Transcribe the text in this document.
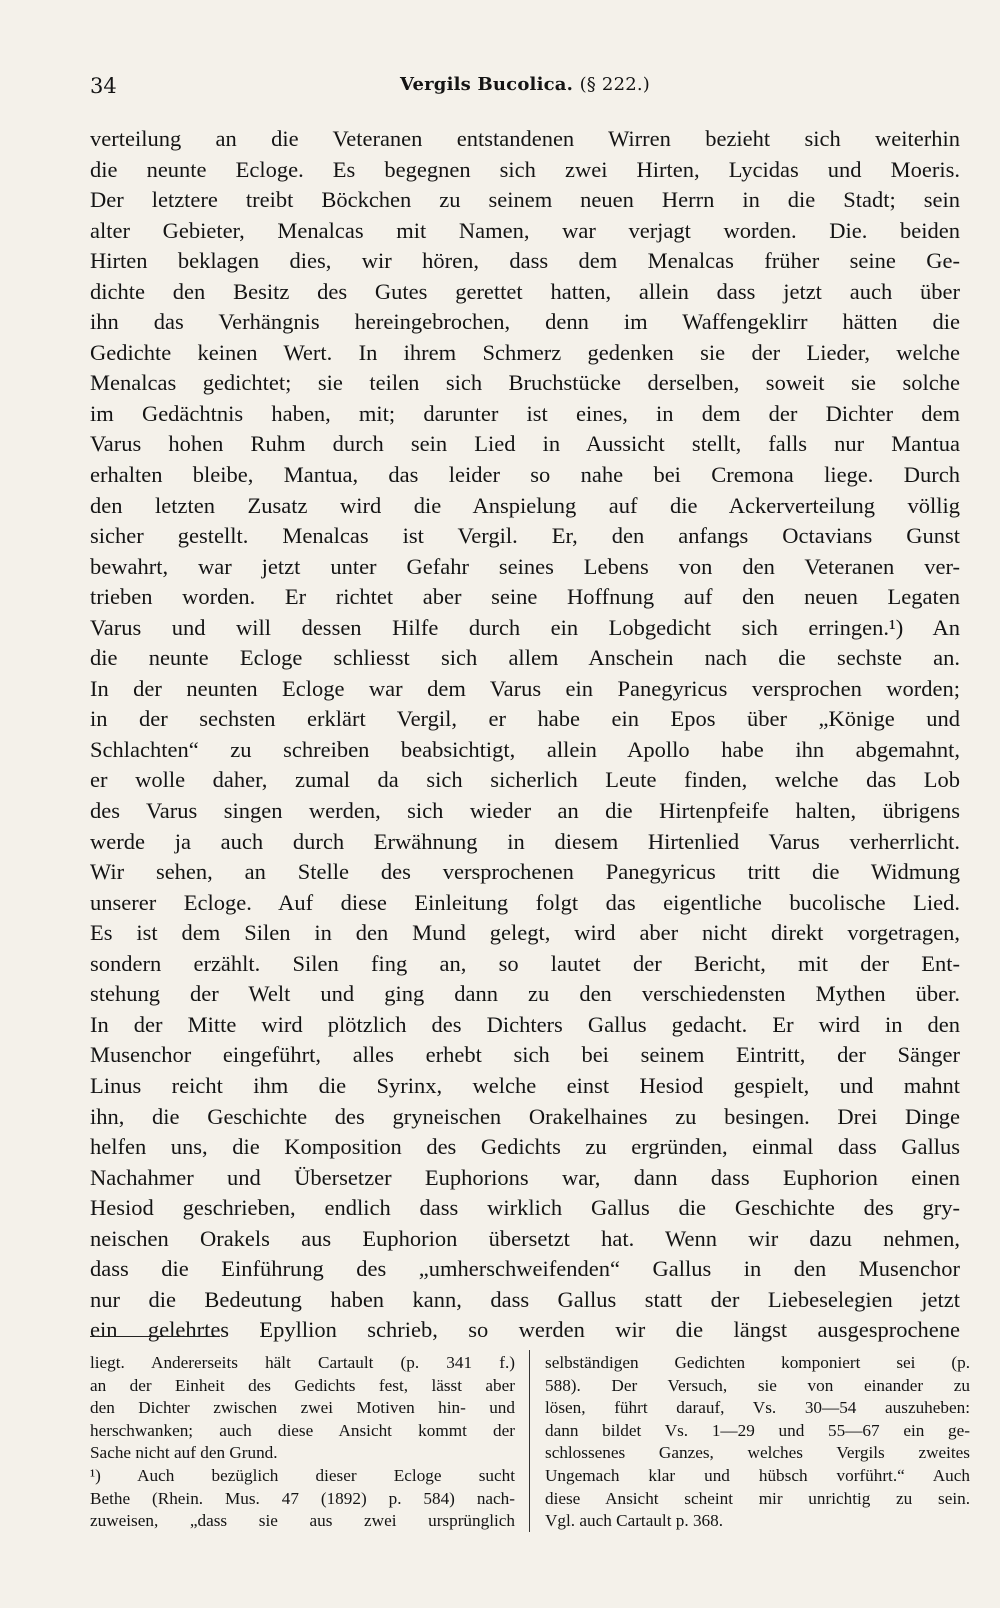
34	Vergils Bucolica. (§ 222.)
verteilung an die Veteranen entstandenen Wirren bezieht sich weiterhin
die neunte Ecloge. Es begegnen sich zwei Hirten, Lycidas und Moeris.
Der letztere treibt Böckchen zu seinem neuen Herrn in die Stadt; sein
alter Gebieter, Menalcas mit Namen, war verjagt worden. Die. beiden
Hirten beklagen dies, wir hören, dass dem Menalcas früher seine Ge-
dichte den Besitz des Gutes gerettet hatten, allein dass jetzt auch über
ihn das Verhängnis hereingebrochen, denn im Waffengeklirr hätten die
Gedichte keinen Wert. In ihrem Schmerz gedenken sie der Lieder, welche
Menalcas gedichtet; sie teilen sich Bruchstücke derselben, soweit sie solche
im Gedächtnis haben, mit; darunter ist eines, in dem der Dichter dem
Varus hohen Ruhm durch sein Lied in Aussicht stellt, falls nur Mantua
erhalten bleibe, Mantua, das leider so nahe bei Cremona liege. Durch
den letzten Zusatz wird die Anspielung auf die Ackerverteilung völlig
sicher gestellt. Menalcas ist Vergil. Er, den anfangs Octavians Gunst
bewahrt, war jetzt unter Gefahr seines Lebens von den Veteranen ver-
trieben worden. Er richtet aber seine Hoffnung auf den neuen Legaten
Varus und will dessen Hilfe durch ein Lobgedicht sich erringen.¹) An
die neunte Ecloge schliesst sich allem Anschein nach die sechste an.
In der neunten Ecloge war dem Varus ein Panegyricus versprochen worden;
in der sechsten erklärt Vergil, er habe ein Epos über „Könige und
Schlachten“ zu schreiben beabsichtigt, allein Apollo habe ihn abgemahnt,
er wolle daher, zumal da sich sicherlich Leute finden, welche das Lob
des Varus singen werden, sich wieder an die Hirtenpfeife halten, übrigens
werde ja auch durch Erwähnung in diesem Hirtenlied Varus verherrlicht.
Wir sehen, an Stelle des versprochenen Panegyricus tritt die Widmung
unserer Ecloge. Auf diese Einleitung folgt das eigentliche bucolische Lied.
Es ist dem Silen in den Mund gelegt, wird aber nicht direkt vorgetragen,
sondern erzählt. Silen fing an, so lautet der Bericht, mit der Ent-
stehung der Welt und ging dann zu den verschiedensten Mythen über.
In der Mitte wird plötzlich des Dichters Gallus gedacht. Er wird in den
Musenchor eingeführt, alles erhebt sich bei seinem Eintritt, der Sänger
Linus reicht ihm die Syrinx, welche einst Hesiod gespielt, und mahnt
ihn, die Geschichte des gryneischen Orakelhaines zu besingen. Drei Dinge
helfen uns, die Komposition des Gedichts zu ergründen, einmal dass Gallus
Nachahmer und Übersetzer Euphorions war, dann dass Euphorion einen
Hesiod geschrieben, endlich dass wirklich Gallus die Geschichte des gry-
neischen Orakels aus Euphorion übersetzt hat. Wenn wir dazu nehmen,
dass die Einführung des „umherschweifenden“ Gallus in den Musenchor
nur die Bedeutung haben kann, dass Gallus statt der Liebeselegien jetzt
ein gelehrtes Epyllion schrieb, so werden wir die längst ausgesprochene
liegt. Andererseits hält Cartault (p. 341 f.)
an der Einheit des Gedichts fest, lässt aber
den Dichter zwischen zwei Motiven hin- und
herschwanken; auch diese Ansicht kommt der
Sache nicht auf den Grund.
¹) Auch bezüglich dieser Ecloge sucht
Bethe (Rhein. Mus. 47 (1892) p. 584) nach-
zuweisen, „dass sie aus zwei ursprünglich
selbständigen Gedichten komponiert sei (p.
588). Der Versuch, sie von einander zu
lösen, führt darauf, Vs. 30—54 auszuheben:
dann bildet Vs. 1—29 und 55—67 ein ge-
schlossenes Ganzes, welches Vergils zweites
Ungemach klar und hübsch vorführt.“ Auch
diese Ansicht scheint mir unrichtig zu sein.
Vgl. auch Cartault p. 368.
